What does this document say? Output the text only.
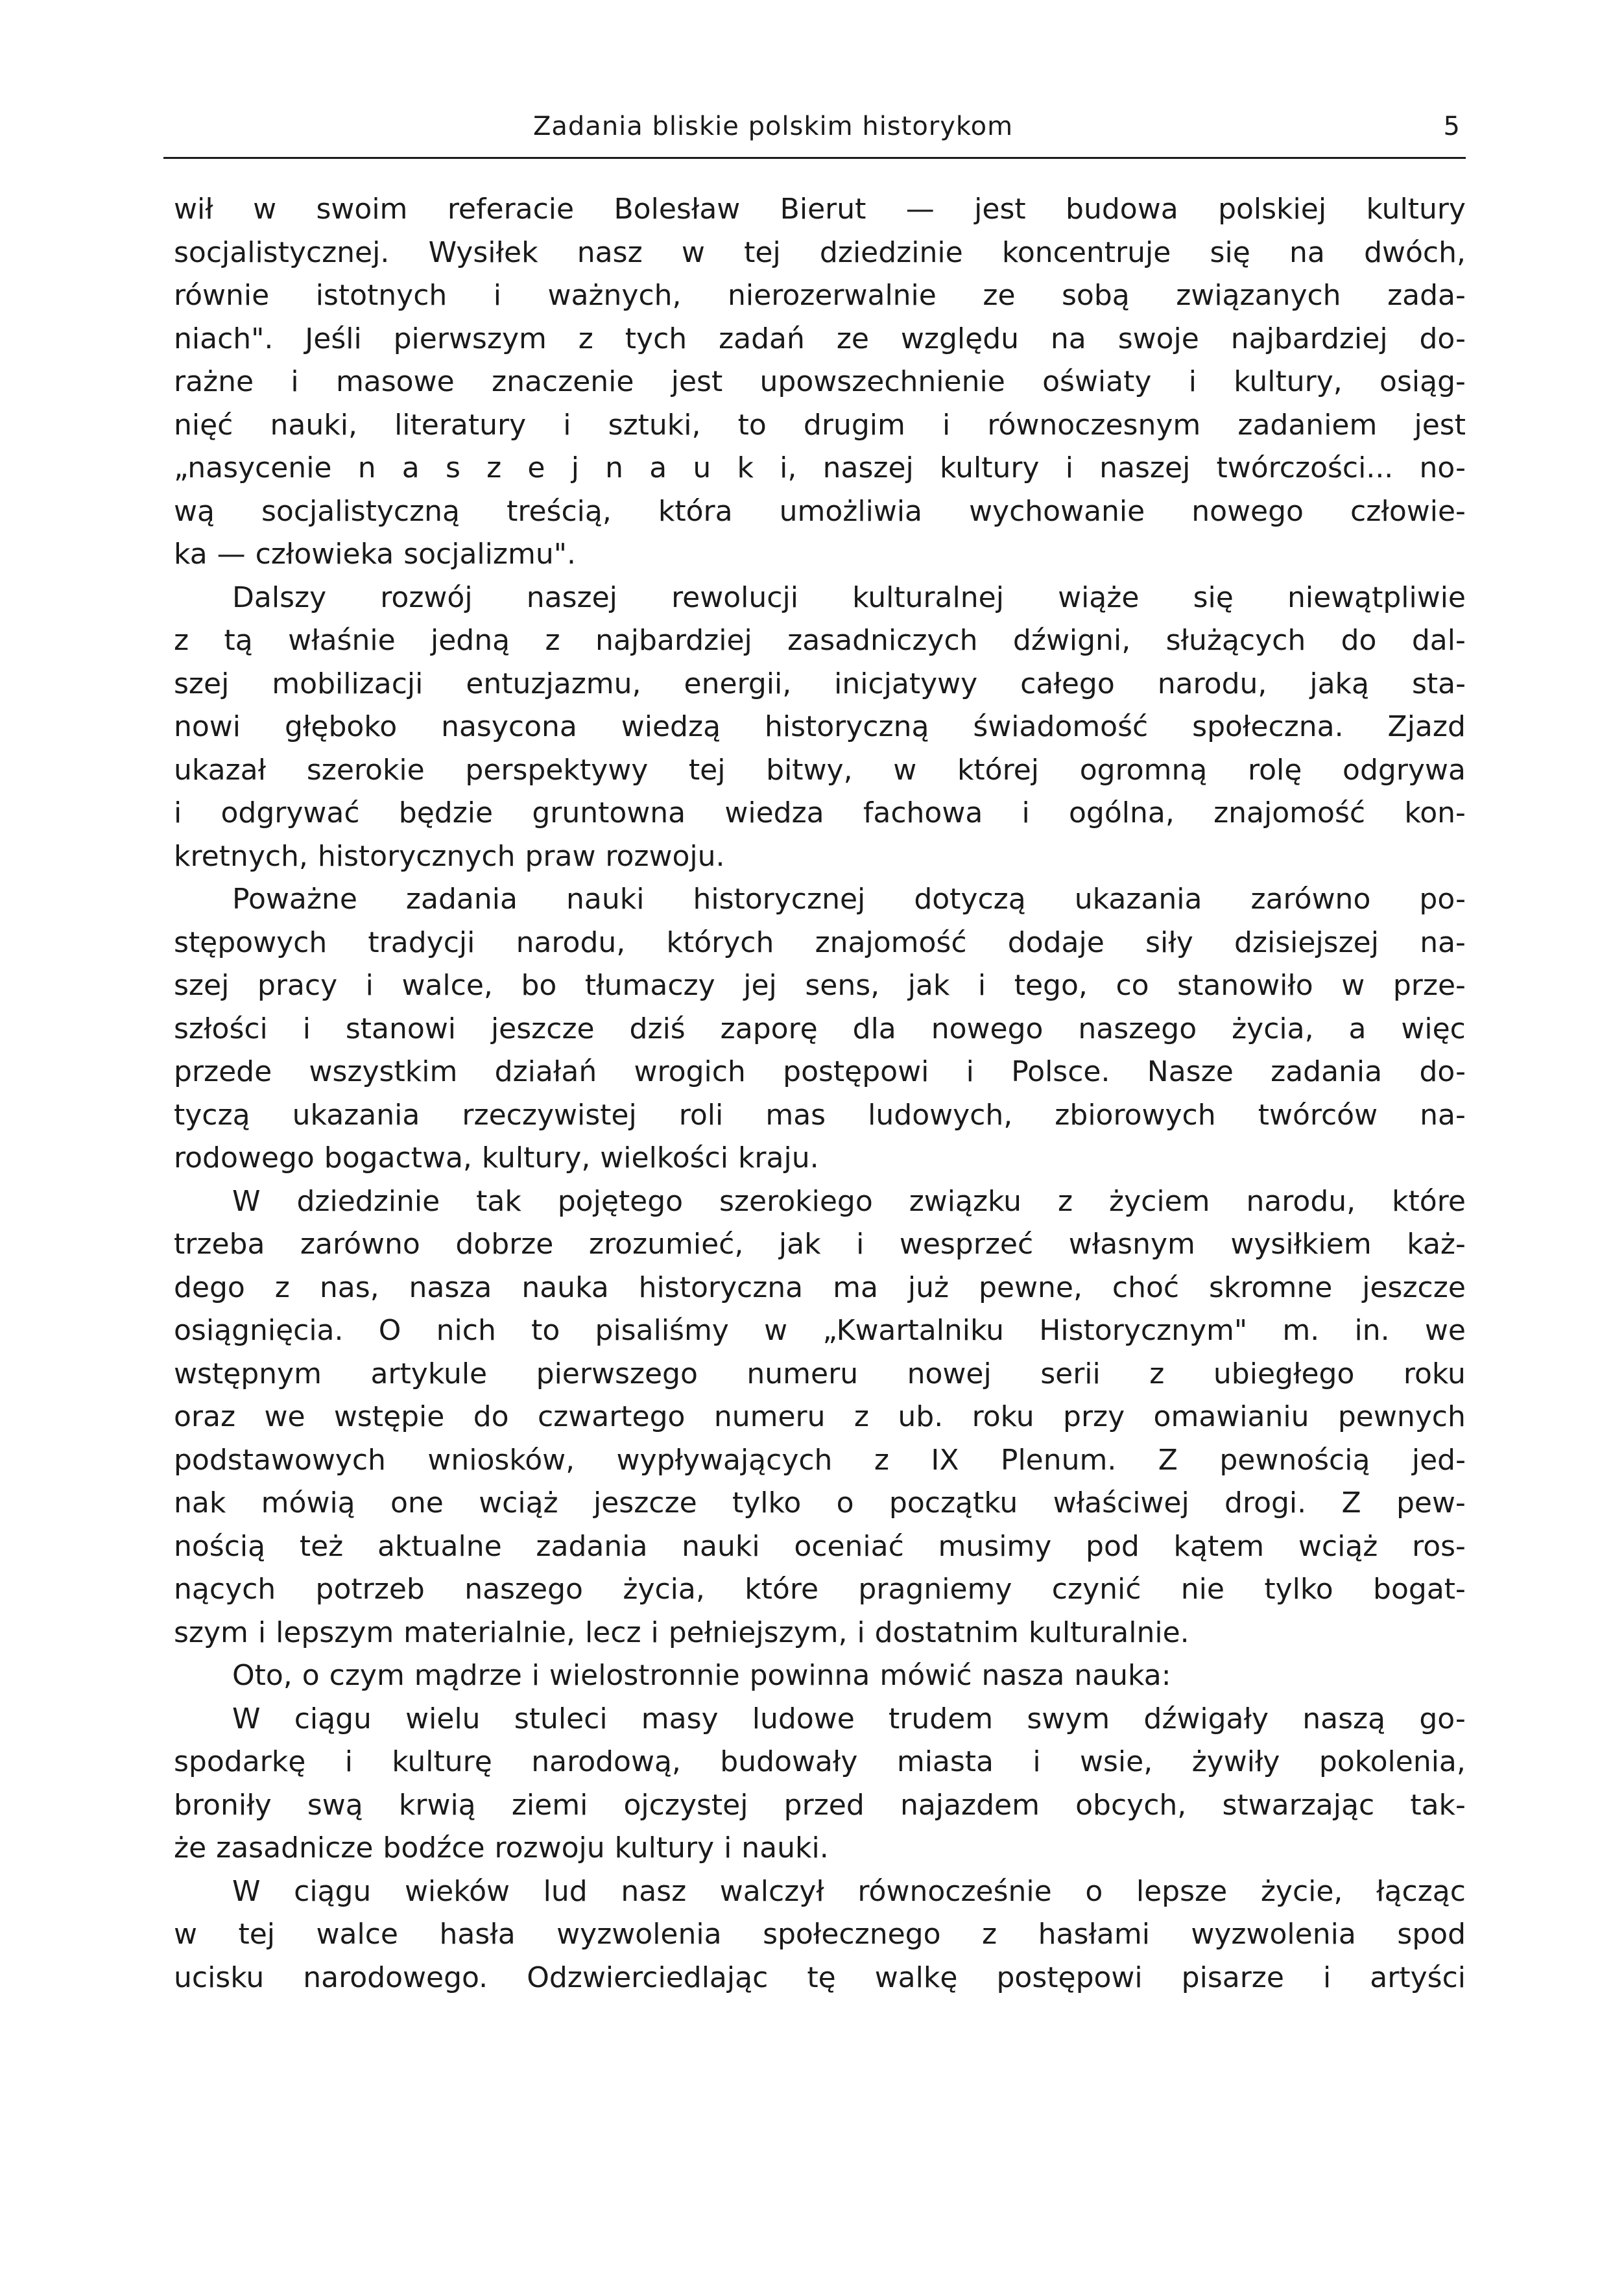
Zadania bliskie polskim historykom	5
wił w swoim referacie Bolesław Bierut — jest budowa polskiej kultury
socjalistycznej. Wysiłek nasz w tej dziedzinie koncentruje się na dwóch,
równie istotnych i ważnych, nierozerwalnie ze sobą związanych zada-
niach". Jeśli pierwszym z tych zadań ze względu na swoje najbardziej do-
rażne i masowe znaczenie jest upowszechnienie oświaty i kultury, osiąg-
nięć nauki, literatury i sztuki, to drugim i równoczesnym zadaniem jest
„nasycenie n a s z e j n a u k i, naszej kultury i naszej twórczości... no-
wą socjalistyczną treścią, która umożliwia wychowanie nowego człowie-
ka — człowieka socjalizmu".
Dalszy rozwój naszej rewolucji kulturalnej wiąże się niewątpliwie
z tą właśnie jedną z najbardziej zasadniczych dźwigni, służących do dal-
szej mobilizacji entuzjazmu, energii, inicjatywy całego narodu, jaką sta-
nowi głęboko nasycona wiedzą historyczną świadomość społeczna. Zjazd
ukazał szerokie perspektywy tej bitwy, w której ogromną rolę odgrywa
i odgrywać będzie gruntowna wiedza fachowa i ogólna, znajomość kon-
kretnych, historycznych praw rozwoju.
Poważne zadania nauki historycznej dotyczą ukazania zarówno po-
stępowych tradycji narodu, których znajomość dodaje siły dzisiejszej na-
szej pracy i walce, bo tłumaczy jej sens, jak i tego, co stanowiło w prze-
szłości i stanowi jeszcze dziś zaporę dla nowego naszego życia, a więc
przede wszystkim działań wrogich postępowi i Polsce. Nasze zadania do-
tyczą ukazania rzeczywistej roli mas ludowych, zbiorowych twórców na-
rodowego bogactwa, kultury, wielkości kraju.
W dziedzinie tak pojętego szerokiego związku z życiem narodu, które
trzeba zarówno dobrze zrozumieć, jak i wesprzeć własnym wysiłkiem każ-
dego z nas, nasza nauka historyczna ma już pewne, choć skromne jeszcze
osiągnięcia. O nich to pisaliśmy w „Kwartalniku Historycznym" m. in. we
wstępnym artykule pierwszego numeru nowej serii z ubiegłego roku
oraz we wstępie do czwartego numeru z ub. roku przy omawianiu pewnych
podstawowych wniosków, wypływających z IX Plenum. Z pewnością jed-
nak mówią one wciąż jeszcze tylko o początku właściwej drogi. Z pew-
nością też aktualne zadania nauki oceniać musimy pod kątem wciąż ros-
nących potrzeb naszego życia, które pragniemy czynić nie tylko bogat-
szym i lepszym materialnie, lecz i pełniejszym, i dostatnim kulturalnie.
Oto, o czym mądrze i wielostronnie powinna mówić nasza nauka:
W ciągu wielu stuleci masy ludowe trudem swym dźwigały naszą go-
spodarkę i kulturę narodową, budowały miasta i wsie, żywiły pokolenia,
broniły swą krwią ziemi ojczystej przed najazdem obcych, stwarzając tak-
że zasadnicze bodźce rozwoju kultury i nauki.
W ciągu wieków lud nasz walczył równocześnie o lepsze życie, łącząc
w tej walce hasła wyzwolenia społecznego z hasłami wyzwolenia spod
ucisku narodowego. Odzwierciedlając tę walkę postępowi pisarze i artyści
